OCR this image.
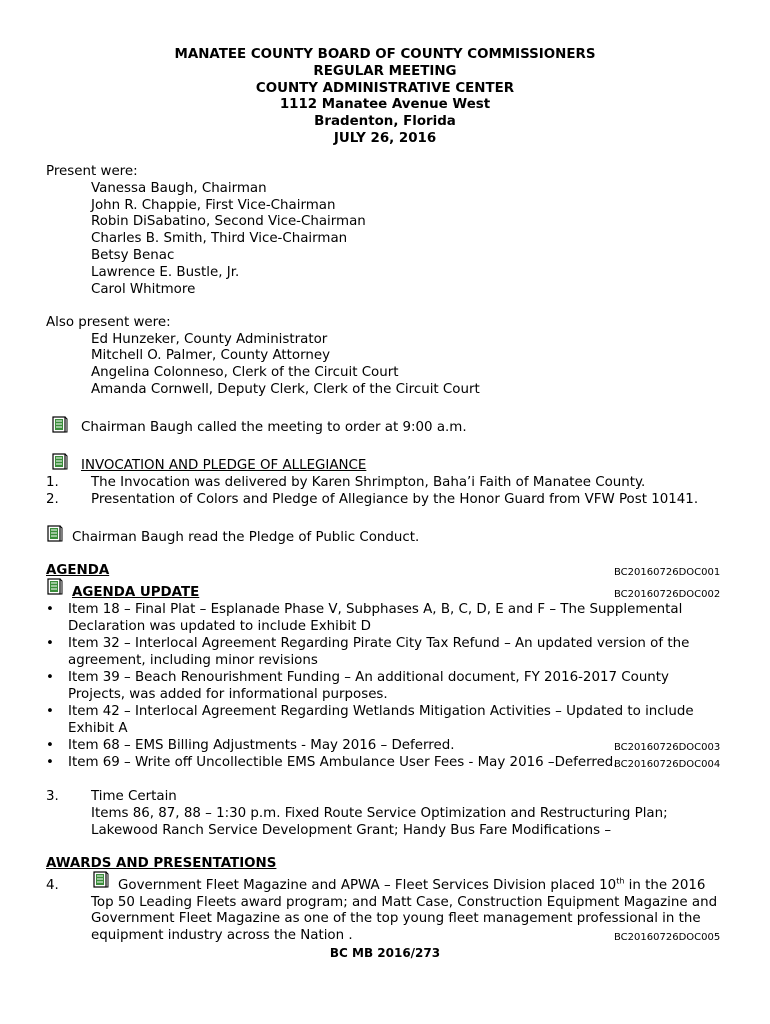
MANATEE COUNTY BOARD OF COUNTY COMMISSIONERS
REGULAR MEETING
COUNTY ADMINISTRATIVE CENTER
1112 Manatee Avenue West
Bradenton, Florida
JULY 26, 2016
Present were:
Vanessa Baugh, Chairman
John R. Chappie, First Vice-Chairman
Robin DiSabatino, Second Vice-Chairman
Charles B. Smith, Third Vice-Chairman
Betsy Benac
Lawrence E. Bustle, Jr.
Carol Whitmore
Also present were:
Ed Hunzeker, County Administrator
Mitchell O. Palmer, County Attorney
Angelina Colonneso, Clerk of the Circuit Court
Amanda Cornwell, Deputy Clerk, Clerk of the Circuit Court
Chairman Baugh called the meeting to order at 9:00 a.m.
INVOCATION AND PLEDGE OF ALLEGIANCE
1. The Invocation was delivered by Karen Shrimpton, Baha’i Faith of Manatee County.
2. Presentation of Colors and Pledge of Allegiance by the Honor Guard from VFW Post 10141.
Chairman Baugh read the Pledge of Public Conduct.
AGENDA	BC20160726DOC001
AGENDA UPDATE	BC20160726DOC002
• Item 18 – Final Plat – Esplanade Phase V, Subphases A, B, C, D, E and F – The Supplemental
Declaration was updated to include Exhibit D
• Item 32 – Interlocal Agreement Regarding Pirate City Tax Refund – An updated version of the
agreement, including minor revisions
• Item 39 – Beach Renourishment Funding – An additional document, FY 2016-2017 County
Projects, was added for informational purposes.
• Item 42 – Interlocal Agreement Regarding Wetlands Mitigation Activities – Updated to include
Exhibit A
• Item 68 – EMS Billing Adjustments - May 2016 – Deferred.	BC20160726DOC003
• Item 69 – Write off Uncollectible EMS Ambulance User Fees - May 2016 –Deferred.
BC20160726DOC004
3. Time Certain
Items 86, 87, 88 – 1:30 p.m. Fixed Route Service Optimization and Restructuring Plan;
Lakewood Ranch Service Development Grant; Handy Bus Fare Modifications –
AWARDS AND PRESENTATIONS
4.	Government Fleet Magazine and APWA – Fleet Services Division placed 10th in the 2016
Top 50 Leading Fleets award program; and Matt Case, Construction Equipment Magazine and
Government Fleet Magazine as one of the top young fleet management professional in the
equipment industry across the Nation .	BC20160726DOC005
BC MB 2016/273
